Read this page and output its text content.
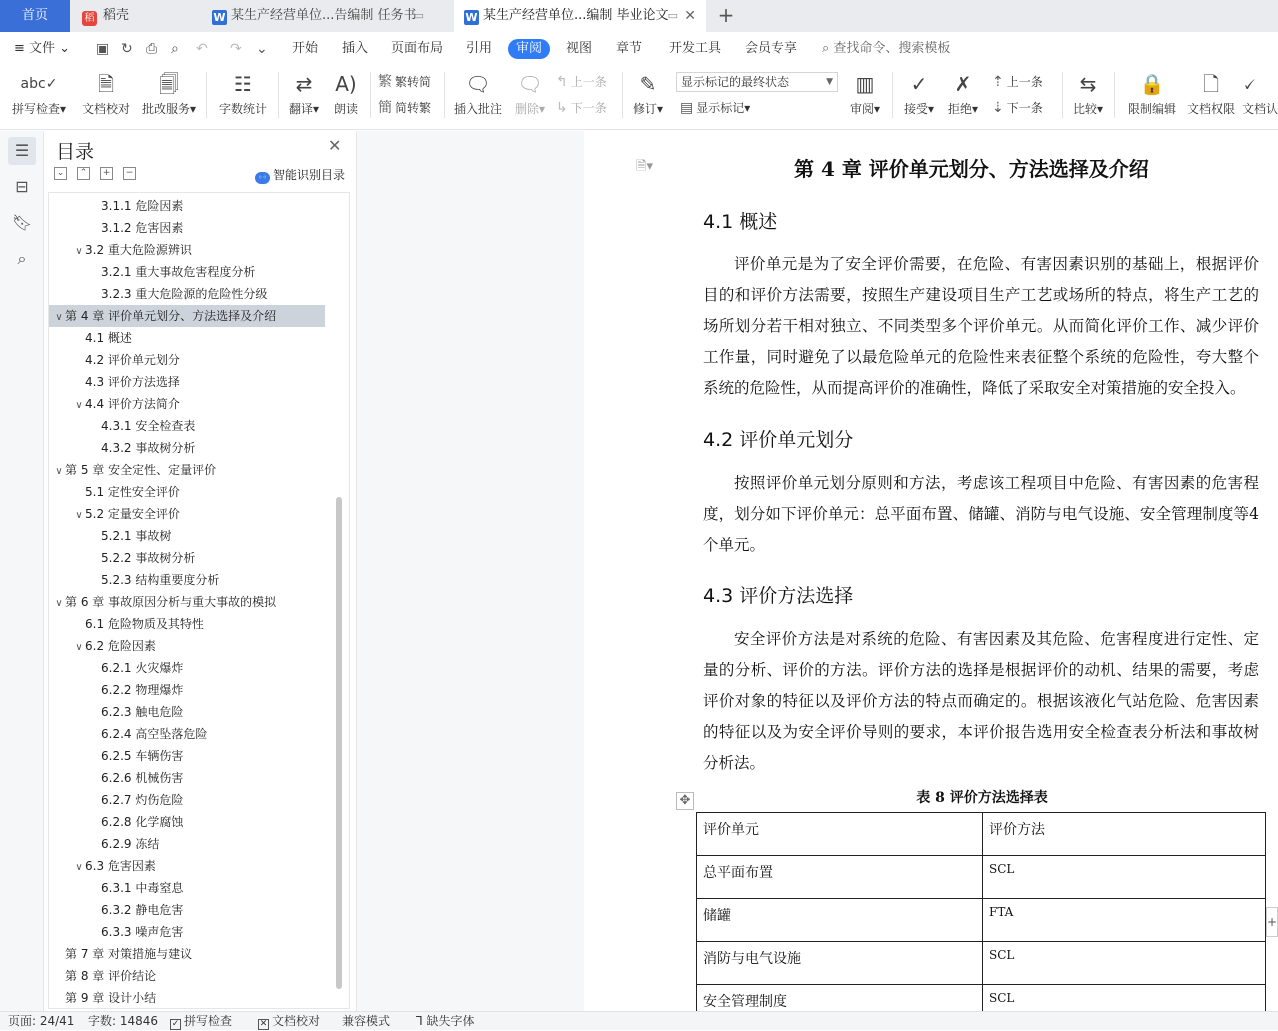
首页	稻 稻壳	W 某生产经营单位...告编制 任务书
▭	W 某生产经营单位...编制 毕业论文 ▭ ✕ +
≡ 文件 ⌄	▣ ↻ ⎙ ⌕ ↶ ↷ ⌄	开始	插入	页面布局	引用	审阅	视图	章节	开发工具 会员专享 ⌕ 查找命令、搜索模板
abc✓
拼写检查▾
🗎
文档校对
🗐
批改服务▾
☷
字数统计
⇄
翻译▾
A)
朗读
繁 繁转简
簡 简转繁
🗨
插入批注
🗨
删除▾
↰ 上一条
↳ 下一条
✎
修订▾
显示标记的最终状态	▼
▤ 显示标记▾
▥
审阅▾
✓
接受▾
✗
拒绝▾
⇡ 上一条
⇣ 下一条
⇆
比较▾
🔒
限制编辑
🗋
文档权限
🗸
文档认
☰
⊟
🔖︎
⌕
目录	✕
⌄	⌃	+	−	◦◦ 智能识别目录
3.1.1 危险因素
3.1.2 危害因素
∨ 3.2 重大危险源辨识
3.2.1 重大事故危害程度分析
3.2.3 重大危险源的危险性分级
∨ 第 4 章 评价单元划分、方法选择及介绍
4.1 概述
4.2 评价单元划分
4.3 评价方法选择
∨ 4.4 评价方法简介
4.3.1 安全检查表
4.3.2 事故树分析
∨ 第 5 章 安全定性、定量评价
5.1 定性安全评价
∨ 5.2 定量安全评价
5.2.1 事故树
5.2.2 事故树分析
5.2.3 结构重要度分析
∨ 第 6 章 事故原因分析与重大事故的模拟
6.1 危险物质及其特性
∨ 6.2 危险因素
6.2.1 火灾爆炸
6.2.2 物理爆炸
6.2.3 触电危险
6.2.4 高空坠落危险
6.2.5 车辆伤害
6.2.6 机械伤害
6.2.7 灼伤危险
6.2.8 化学腐蚀
6.2.9 冻结
∨ 6.3 危害因素
6.3.1 中毒窒息
6.3.2 静电危害
6.3.3 噪声危害
第 7 章 对策措施与建议
第 8 章 评价结论
第 9 章 设计小结
🗎▾	第 4 章 评价单元划分、方法选择及介绍
4.1 概述
评价单元是为了安全评价需要，在危险、有害因素识别的基础上，根据评价目的和评价方法需要，按照生产建设项目生产工艺或场所的特点，将生产工艺的场所划分若干相对独立、不同类型多个评价单元。从而简化评价工作、减少评价工作量，同时避免了以最危险单元的危险性来表征整个系统的危险性，夸大整个系统的危险性，从而提高评价的准确性，降低了采取安全对策措施的安全投入。
4.2 评价单元划分
按照评价单元划分原则和方法，考虑该工程项目中危险、有害因素的危害程度，划分如下评价单元：总平面布置、储罐、消防与电气设施、安全管理制度等4个单元。
4.3 评价方法选择
安全评价方法是对系统的危险、有害因素及其危险、危害程度进行定性、定量的分析、评价的方法。评价方法的选择是根据评价的动机、结果的需要，考虑评价对象的特征以及评价方法的特点而确定的。根据该液化气站危险、危害因素的特征以及为安全评价导则的要求，本评价报告选用安全检查表分析法和事故树分析法。
✥	表 8 评价方法选择表
评价单元	评价方法
总平面布置	SCL
储罐	FTA
消防与电气设施	SCL
安全管理制度	SCL
+
页面: 24/41 字数: 14846 ✓ 拼写检查	✕ 文档校对 兼容模式 Ꞁ 缺失字体
